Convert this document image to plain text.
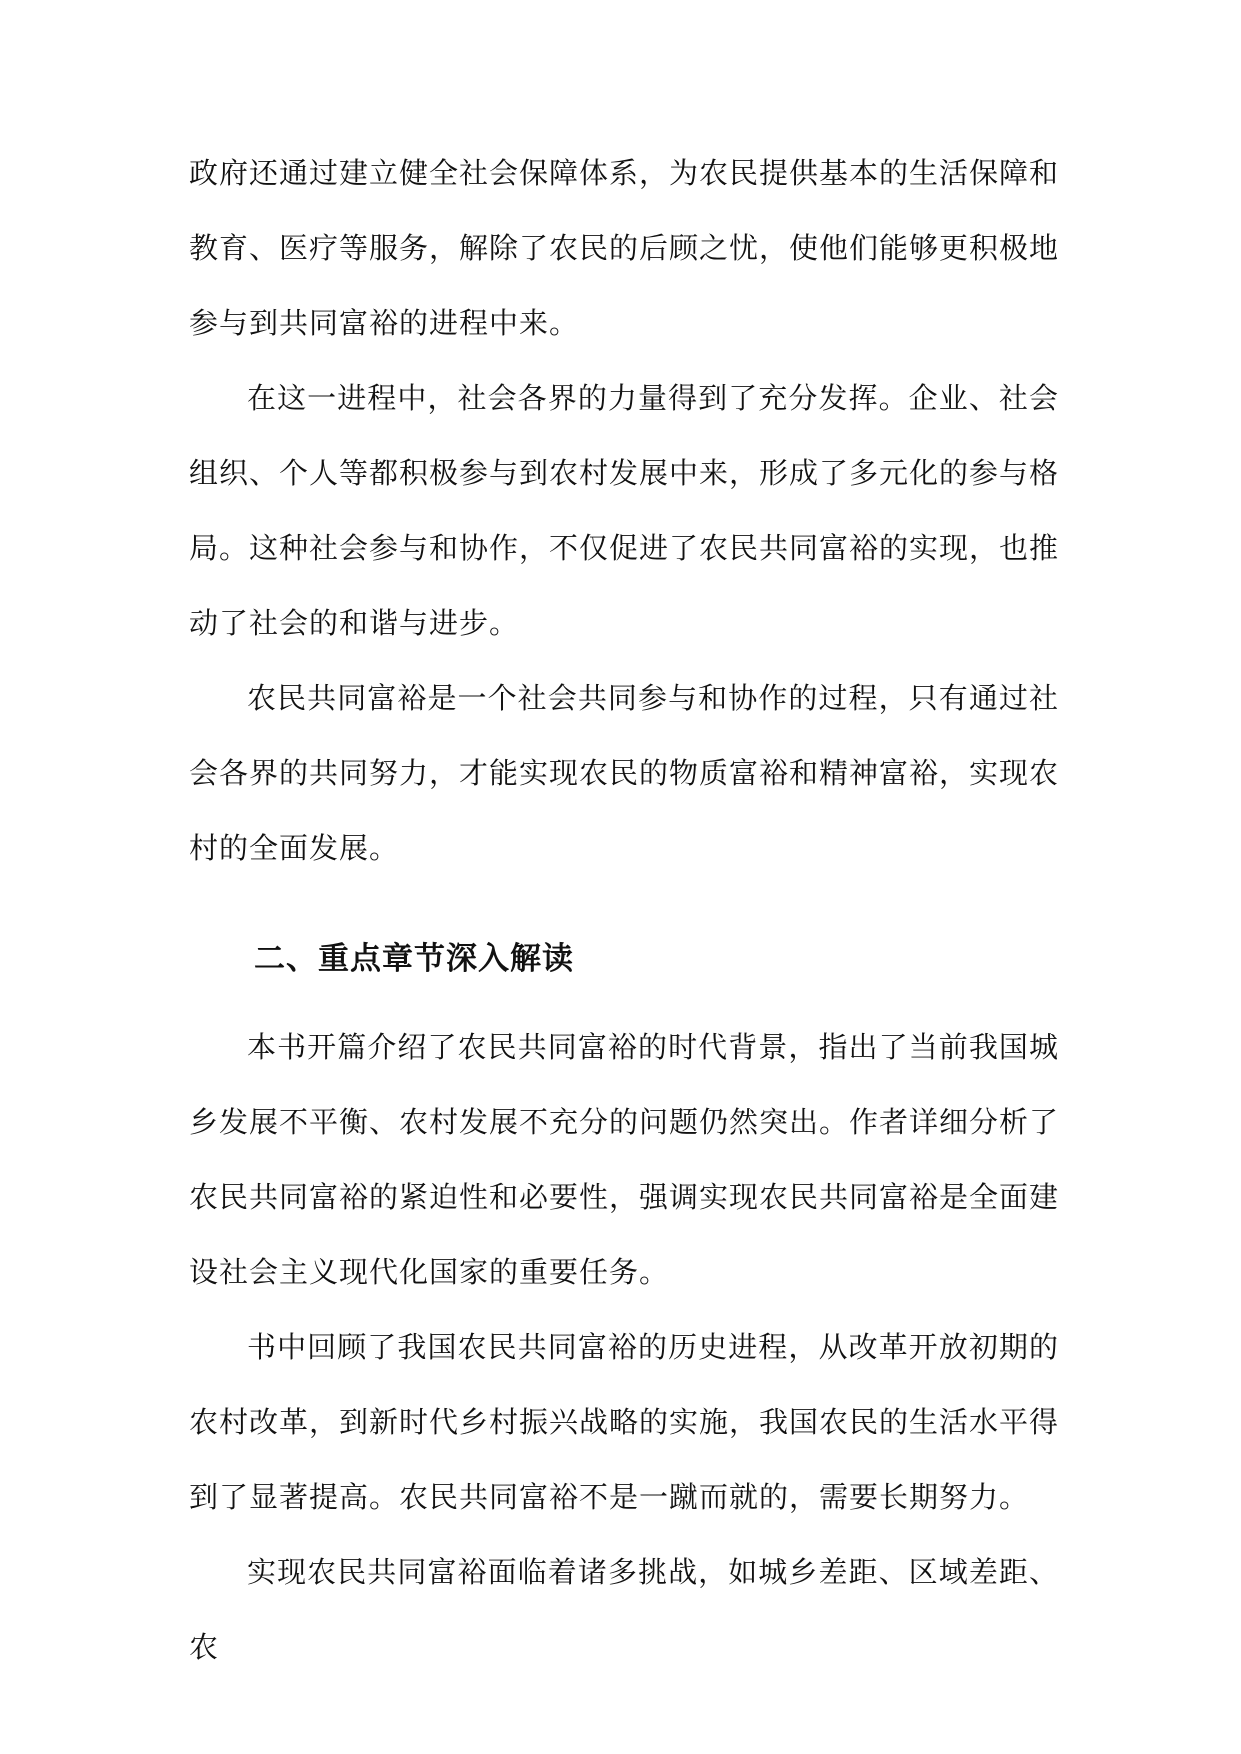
政府还通过建立健全社会保障体系，为农民提供基本的生活保障和教育、医疗等服务，解除了农民的后顾之忧，使他们能够更积极地参与到共同富裕的进程中来。

在这一进程中，社会各界的力量得到了充分发挥。企业、社会组织、个人等都积极参与到农村发展中来，形成了多元化的参与格局。这种社会参与和协作，不仅促进了农民共同富裕的实现，也推动了社会的和谐与进步。

农民共同富裕是一个社会共同参与和协作的过程，只有通过社会各界的共同努力，才能实现农民的物质富裕和精神富裕，实现农村的全面发展。

二、重点章节深入解读

本书开篇介绍了农民共同富裕的时代背景，指出了当前我国城乡发展不平衡、农村发展不充分的问题仍然突出。作者详细分析了农民共同富裕的紧迫性和必要性，强调实现农民共同富裕是全面建设社会主义现代化国家的重要任务。

书中回顾了我国农民共同富裕的历史进程，从改革开放初期的农村改革，到新时代乡村振兴战略的实施，我国农民的生活水平得到了显著提高。农民共同富裕不是一蹴而就的，需要长期努力。

实现农民共同富裕面临着诸多挑战，如城乡差距、区域差距、农
